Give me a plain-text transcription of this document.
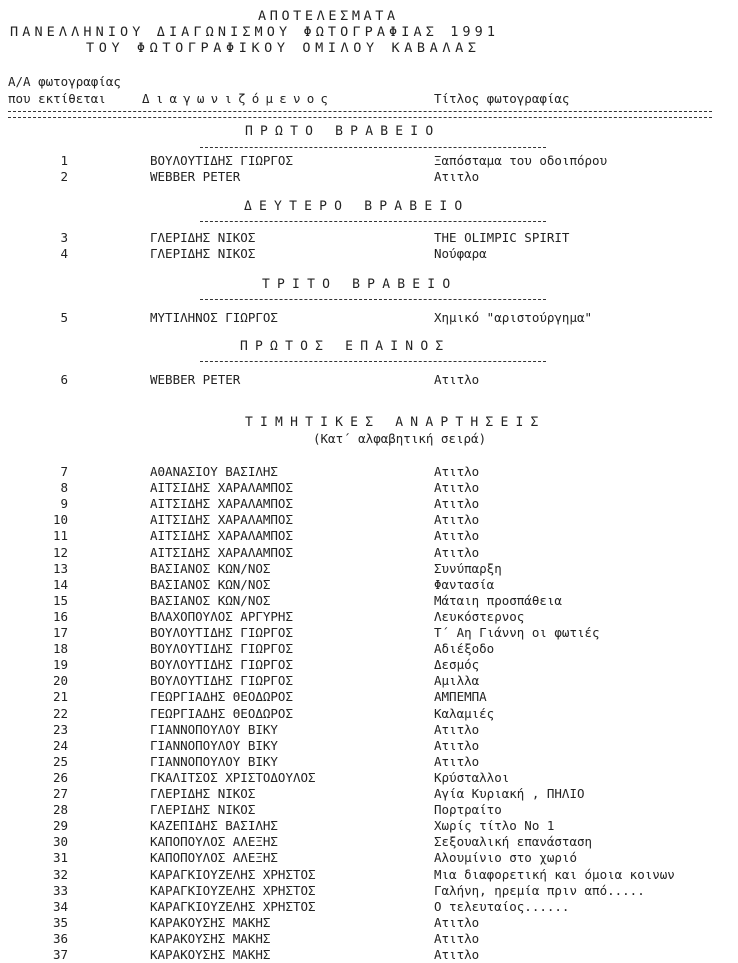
ΑΠΟΤΕΛΕΣΜΑΤΑ
ΠΑΝΕΛΛΗΝΙΟΥ ΔΙΑΓΩΝΙΣΜΟΥ ΦΩΤΟΓΡΑΦΙΑΣ 1991
ΤΟΥ ΦΩΤΟΓΡΑΦΙΚΟΥ ΟΜΙΛΟΥ ΚΑΒΑΛΑΣ
Α/Α φωτογραφίας
που εκτίθεται	Διαγωνιζόμενος	Τίτλος φωτογραφίας
ΠΡΩΤΟ ΒΡΑΒΕΙΟ
1	ΒΟΥΛΟΥΤΙΔΗΣ ΓΙΩΡΓΟΣ	Ξαπόσταμα του οδοιπόρου
2	WEBBER PETER	Ατιτλο
ΔΕΥΤΕΡΟ ΒΡΑΒΕΙΟ
3	ΓΛΕΡΙΔΗΣ ΝΙΚΟΣ	THE OLIMPIC SPIRIT
4	ΓΛΕΡΙΔΗΣ ΝΙΚΟΣ	Νούφαρα
ΤΡΙΤΟ ΒΡΑΒΕΙΟ
5	ΜΥΤΙΛΗΝΟΣ ΓΙΩΡΓΟΣ	Χημικό "αριστούργημα"
ΠΡΩΤΟΣ ΕΠΑΙΝΟΣ
6	WEBBER PETER	Ατιτλο
ΤΙΜΗΤΙΚΕΣ ΑΝΑΡΤΗΣΕΙΣ
(Κατ΄ αλφαβητική σειρά)
7	ΑΘΑΝΑΣΙΟΥ ΒΑΣΙΛΗΣ	Ατιτλο
8	ΑΙΤΣΙΔΗΣ ΧΑΡΑΛΑΜΠΟΣ	Ατιτλο
9	ΑΙΤΣΙΔΗΣ ΧΑΡΑΛΑΜΠΟΣ	Ατιτλο
10	ΑΙΤΣΙΔΗΣ ΧΑΡΑΛΑΜΠΟΣ	Ατιτλο
11	ΑΙΤΣΙΔΗΣ ΧΑΡΑΛΑΜΠΟΣ	Ατιτλο
12	ΑΙΤΣΙΔΗΣ ΧΑΡΑΛΑΜΠΟΣ	Ατιτλο
13	ΒΑΣΙΑΝΟΣ ΚΩΝ/ΝΟΣ	Συνύπαρξη
14	ΒΑΣΙΑΝΟΣ ΚΩΝ/ΝΟΣ	Φαντασία
15	ΒΑΣΙΑΝΟΣ ΚΩΝ/ΝΟΣ	Μάταιη προσπάθεια
16	ΒΛΑΧΟΠΟΥΛΟΣ ΑΡΓΥΡΗΣ	Λευκόστερνος
17	ΒΟΥΛΟΥΤΙΔΗΣ ΓΙΩΡΓΟΣ	Τ΄ Αη Γιάννη οι φωτιές
18	ΒΟΥΛΟΥΤΙΔΗΣ ΓΙΩΡΓΟΣ	Αδιέξοδο
19	ΒΟΥΛΟΥΤΙΔΗΣ ΓΙΩΡΓΟΣ	Δεσμός
20	ΒΟΥΛΟΥΤΙΔΗΣ ΓΙΩΡΓΟΣ	Αμιλλα
21	ΓΕΩΡΓΙΑΔΗΣ ΘΕΟΔΩΡΟΣ	ΑΜΠΕΜΠΑ
22	ΓΕΩΡΓΙΑΔΗΣ ΘΕΟΔΩΡΟΣ	Καλαμιές
23	ΓΙΑΝΝΟΠΟΥΛΟΥ ΒΙΚΥ	Ατιτλο
24	ΓΙΑΝΝΟΠΟΥΛΟΥ ΒΙΚΥ	Ατιτλο
25	ΓΙΑΝΝΟΠΟΥΛΟΥ ΒΙΚΥ	Ατιτλο
26	ΓΚΑΛΙΤΣΟΣ ΧΡΙΣΤΟΔΟΥΛΟΣ	Κρύσταλλοι
27	ΓΛΕΡΙΔΗΣ ΝΙΚΟΣ	Αγία Κυριακή , ΠΗΛΙΟ
28	ΓΛΕΡΙΔΗΣ ΝΙΚΟΣ	Πορτραίτο
29	ΚΑΖΕΠΙΔΗΣ ΒΑΣΙΛΗΣ	Χωρίς τίτλο Νο 1
30	ΚΑΠΟΠΟΥΛΟΣ ΑΛΕΞΗΣ	Σεξουαλική επανάσταση
31	ΚΑΠΟΠΟΥΛΟΣ ΑΛΕΞΗΣ	Αλουμίνιο στο χωριό
32	ΚΑΡΑΓΚΙΟΥΖΕΛΗΣ ΧΡΗΣΤΟΣ	Μια διαφορετική και όμοια κοινων
33	ΚΑΡΑΓΚΙΟΥΖΕΛΗΣ ΧΡΗΣΤΟΣ	Γαλήνη, ηρεμία πριν από.....
34	ΚΑΡΑΓΚΙΟΥΖΕΛΗΣ ΧΡΗΣΤΟΣ	Ο τελευταίος......
35	ΚΑΡΑΚΟΥΣΗΣ ΜΑΚΗΣ	Ατιτλο
36	ΚΑΡΑΚΟΥΣΗΣ ΜΑΚΗΣ	Ατιτλο
37	ΚΑΡΑΚΟΥΣΗΣ ΜΑΚΗΣ	Ατιτλο
